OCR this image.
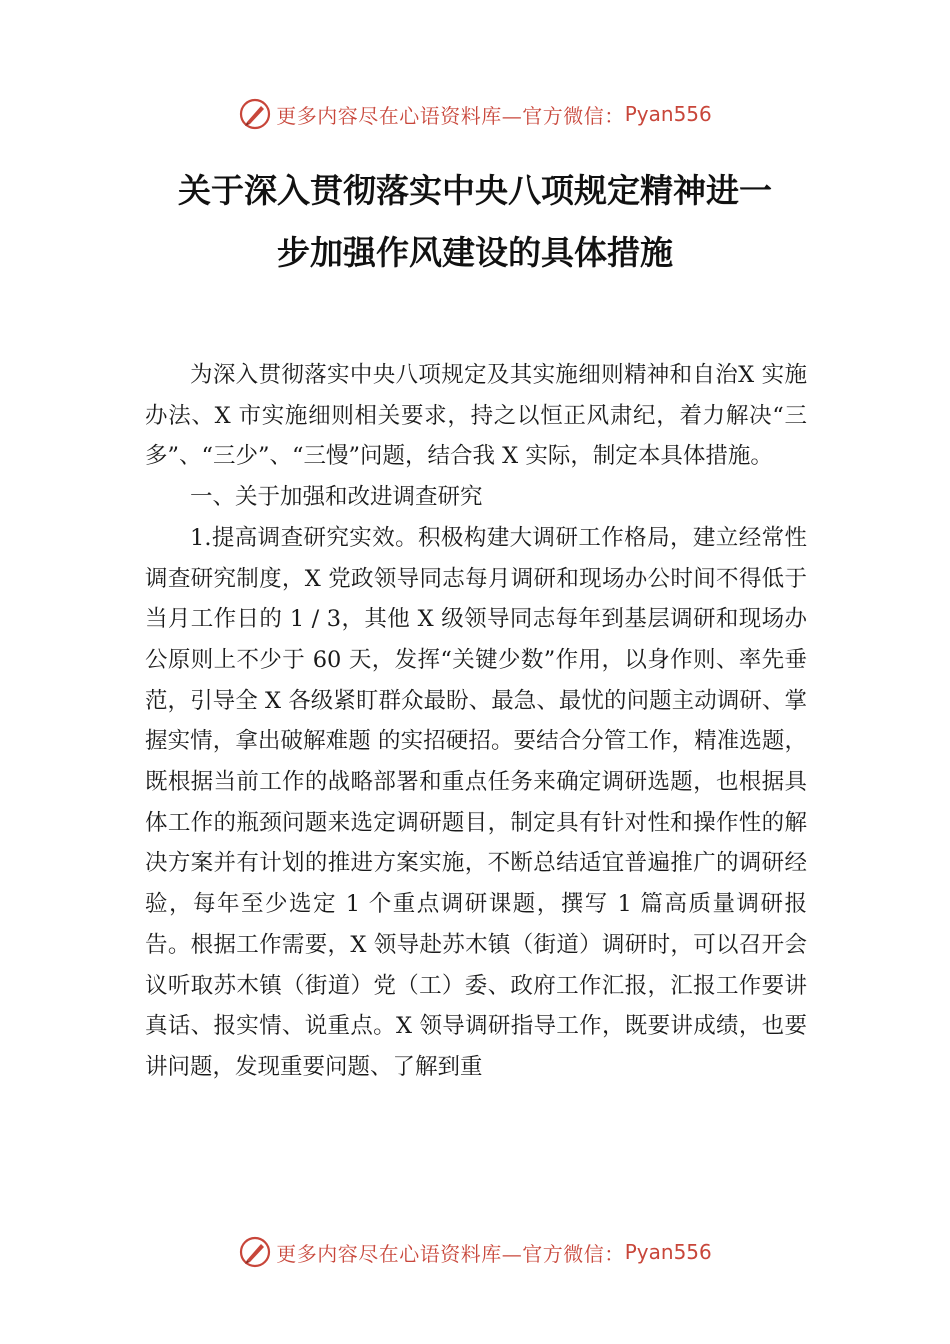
更多内容尽在心语资料库—官方微信： Pyan556
关于深入贯彻落实中央八项规定精神进一
步加强作风建设的具体措施

为深入贯彻落实中央八项规定及其实施细则精神和自治X 实施办法、X 市实施细则相关要求，持之以恒正风肃纪，着力解决“三多”、“三少”、“三慢”问题，结合我 X 实际，制定本具体措施。

一、关于加强和改进调查研究

1.提高调查研究实效。积极构建大调研工作格局，建立经常性调查研究制度，X 党政领导同志每月调研和现场办公时间不得低于当月工作日的 1 / 3，其他 X 级领导同志每年到基层调研和现场办公原则上不少于 60 天，发挥“关键少数”作用，以身作则、率先垂范，引导全 X 各级紧盯群众最盼、最急、最忧的问题主动调研、掌握实情，拿出破解难题 的实招硬招。要结合分管工作，精准选题，既根据当前工作的战略部署和重点任务来确定调研选题，也根据具体工作的瓶颈问题来选定调研题目，制定具有针对性和操作性的解决方案并有计划的推进方案实施，不断总结适宜普遍推广的调研经验，每年至少选定 1 个重点调研课题，撰写 1 篇高质量调研报告。根据工作需要，X 领导赴苏木镇（街道）调研时，可以召开会议听取苏木镇（街道）党（工）委、政府工作汇报，汇报工作要讲真话、报实情、说重点。X 领导调研指导工作，既要讲成绩，也要讲问题，发现重要问题、了解到重

更多内容尽在心语资料库—官方微信： Pyan556
